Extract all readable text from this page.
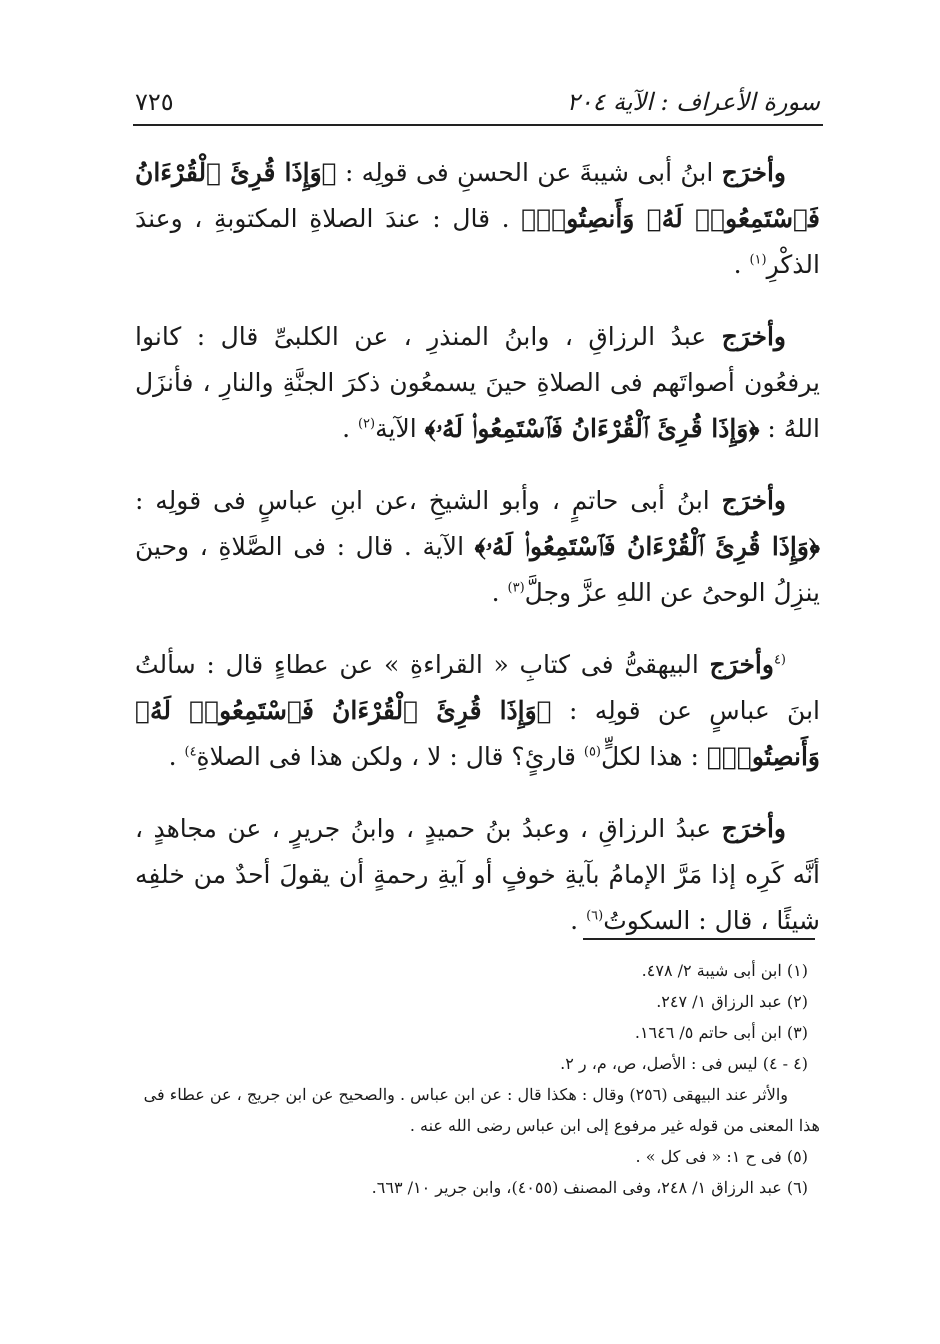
سورة الأعراف : الآية ٢٠٤
٧٢٥

وأخرَج ابنُ أبى شيبةَ عن الحسنِ فى قولِه : ﴿وَإِذَا قُرِئَ ٱلْقُرْءَانُ فَٱسْتَمِعُوا۟ لَهُۥ وَأَنصِتُوا۟﴾ . قال : عندَ الصلاةِ المكتوبةِ ، وعندَ الذكْرِ$^{(١)}$ .

وأخرَج عبدُ الرزاقِ ، وابنُ المنذرِ ، عن الكلبىِّ قال : كانوا يرفعُون أصواتَهم فى الصلاةِ حينَ يسمعُون ذكرَ الجنَّةِ والنارِ ، فأنزَل اللهُ : ﴿وَإِذَا قُرِئَ ٱلْقُرْءَانُ فَٱسْتَمِعُوا۟ لَهُۥ﴾ الآية$^{(٢)}$ .

وأخرَج ابنُ أبى حاتمٍ ، وأبو الشيخِ ،عن ابنِ عباسٍ فى قولِه : ﴿وَإِذَا قُرِئَ ٱلْقُرْءَانُ فَٱسْتَمِعُوا۟ لَهُۥ﴾ الآية . قال : فى الصَّلاةِ ، وحينَ ينزِلُ الوحىُ عن اللهِ عزَّ وجلَّ$^{(٣)}$ .

$^{(٤}$وأخرَج البيهقىُّ فى كتابِ « القراءةِ » عن عطاءٍ قال : سألتُ ابنَ عباسٍ عن قولِه : ﴿وَإِذَا قُرِئَ ٱلْقُرْءَانُ فَٱسْتَمِعُوا۟ لَهُۥ وَأَنصِتُوا۟﴾ : هذا لكلٍّ$^{(٥)}$ قارئٍ؟ قال : لا ، ولكن هذا فى الصلاةِ$^{٤)}$ .

وأخرَج عبدُ الرزاقِ ، وعبدُ بنُ حميدٍ ، وابنُ جريرٍ ، عن مجاهدٍ ، أنَّه كَرِه إذا مَرَّ الإمامُ بآيةِ خوفٍ أو آيةِ رحمةٍ أن يقولَ أحدٌ من خلفِه شيئًا ، قال : السكوتُ$^{(٦)}$ .

(١) ابن أبى شيبة ٢/ ٤٧٨.

(٢) عبد الرزاق ١/ ٢٤٧.

(٣) ابن أبى حاتم ٥/ ١٦٤٦.

(٤ - ٤) ليس فى : الأصل، ص، م، ر ٢.

والأثر عند البيهقى (٢٥٦) وقال : هكذا قال : عن ابن عباس . والصحيح عن ابن جريج ، عن عطاء فى

هذا المعنى من قوله غير مرفوع إلى ابن عباس رضى الله عنه .

(٥) فى ح ١: « فى كل » .

(٦) عبد الرزاق ١/ ٢٤٨، وفى المصنف (٤٠٥٥)، وابن جرير ١٠/ ٦٦٣.
